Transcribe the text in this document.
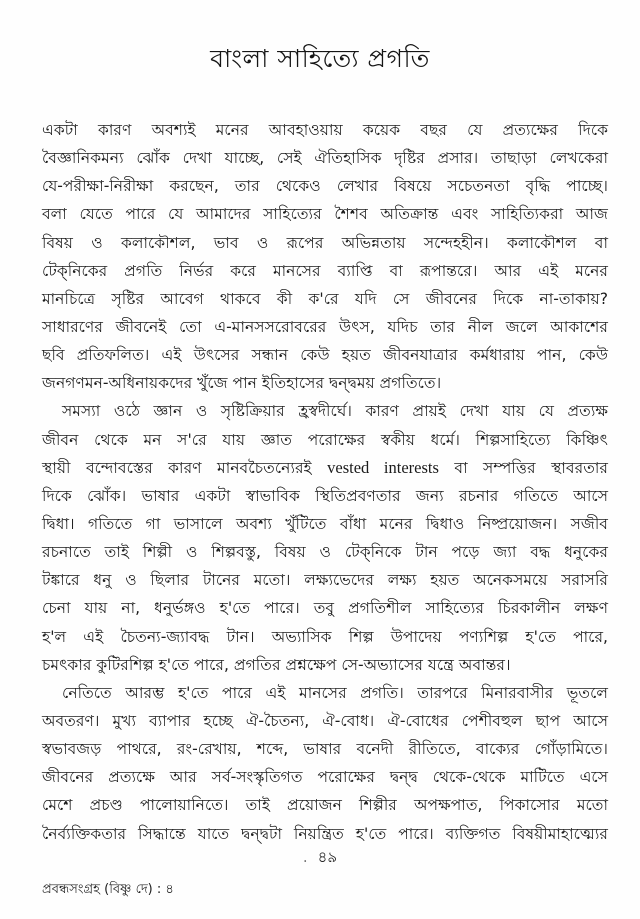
বাংলা সাহিত্যে প্রগতি
একটা কারণ অবশ্যই মনের আবহাওয়ায় কয়েক বছর যে প্রত্যক্ষের দিকে
বৈজ্ঞানিকমন্য ঝোঁক দেখা যাচ্ছে, সেই ঐতিহাসিক দৃষ্টির প্রসার। তাছাড়া লেখকেরা
যে-পরীক্ষা-নিরীক্ষা করছেন, তার থেকেও লেখার বিষয়ে সচেতনতা বৃদ্ধি পাচ্ছে।
বলা যেতে পারে যে আমাদের সাহিত্যের শৈশব অতিক্রান্ত এবং সাহিত্যিকরা আজ
বিষয় ও কলাকৌশল, ভাব ও রূপের অভিন্নতায় সন্দেহহীন। কলাকৌশল বা
টেক্‌নিকের প্রগতি নির্ভর করে মানসের ব্যাপ্তি বা রূপান্তরে। আর এই মনের
মানচিত্রে সৃষ্টির আবেগ থাকবে কী ক'রে যদি সে জীবনের দিকে না-তাকায়?
সাধারণের জীবনেই তো এ-মানসসরোবরের উৎস, যদিচ তার নীল জলে আকাশের
ছবি প্রতিফলিত। এই উৎসের সন্ধান কেউ হয়ত জীবনযাত্রার কর্মধারায় পান, কেউ
জনগণমন-অধিনায়কদের খুঁজে পান ইতিহাসের দ্বন্দ্বময় প্রগতিতে।
সমস্যা ওঠে জ্ঞান ও সৃষ্টিক্রিয়ার হ্রস্বদীর্ঘে। কারণ প্রায়ই দেখা যায় যে প্রত্যক্ষ
জীবন থেকে মন স'রে যায় জ্ঞাত পরোক্ষের স্বকীয় ধর্মে। শিল্পসাহিত্যে কিঞ্চিৎ
স্থায়ী বন্দোবস্তের কারণ মানবচৈতন্যেরই vested interests বা সম্পত্তির স্থাবরতার
দিকে ঝোঁক। ভাষার একটা স্বাভাবিক স্থিতিপ্রবণতার জন্য রচনার গতিতে আসে
দ্বিধা। গতিতে গা ভাসালে অবশ্য খুঁটিতে বাঁধা মনের দ্বিধাও নিষ্প্রয়োজন। সজীব
রচনাতে তাই শিল্পী ও শিল্পবস্তু, বিষয় ও টেক্‌নিকে টান পড়ে জ্যা বদ্ধ ধনুকের
টঙ্কারে ধনু ও ছিলার টানের মতো। লক্ষ্যভেদের লক্ষ্য হয়ত অনেকসময়ে সরাসরি
চেনা যায় না, ধনুর্ভঙ্গও হ'তে পারে। তবু প্রগতিশীল সাহিত্যের চিরকালীন লক্ষণ
হ'ল এই চৈতন্য-জ্যাবদ্ধ টান। অভ্যাসিক শিল্প উপাদেয় পণ্যশিল্প হ'তে পারে,
চমৎকার কুটিরশিল্প হ'তে পারে, প্রগতির প্রশ্নক্ষেপ সে-অভ্যাসের যন্ত্রে অবান্তর।
নেতিতে আরম্ভ হ'তে পারে এই মানসের প্রগতি। তারপরে মিনারবাসীর ভূতলে
অবতরণ। মুখ্য ব্যাপার হচ্ছে ঐ-চৈতন্য, ঐ-বোধ। ঐ-বোধের পেশীবহুল ছাপ আসে
স্বভাবজড় পাথরে, রং-রেখায়, শব্দে, ভাষার বনেদী রীতিতে, বাক্যের গোঁড়ামিতে।
জীবনের প্রত্যক্ষে আর সর্ব-সংস্কৃতিগত পরোক্ষের দ্বন্দ্ব থেকে-থেকে মাটিতে এসে
মেশে প্রচণ্ড পালোয়ানিতে। তাই প্রয়োজন শিল্পীর অপক্ষপাত, পিকাসোর মতো
নৈর্ব্যক্তিকতার সিদ্ধান্তে যাতে দ্বন্দ্বটা নিয়ন্ত্রিত হ'তে পারে। ব্যক্তিগত বিষয়ীমাহাত্ম্যের
. ৪৯
প্রবন্ধসংগ্রহ (বিষ্ণু দে) : ৪
